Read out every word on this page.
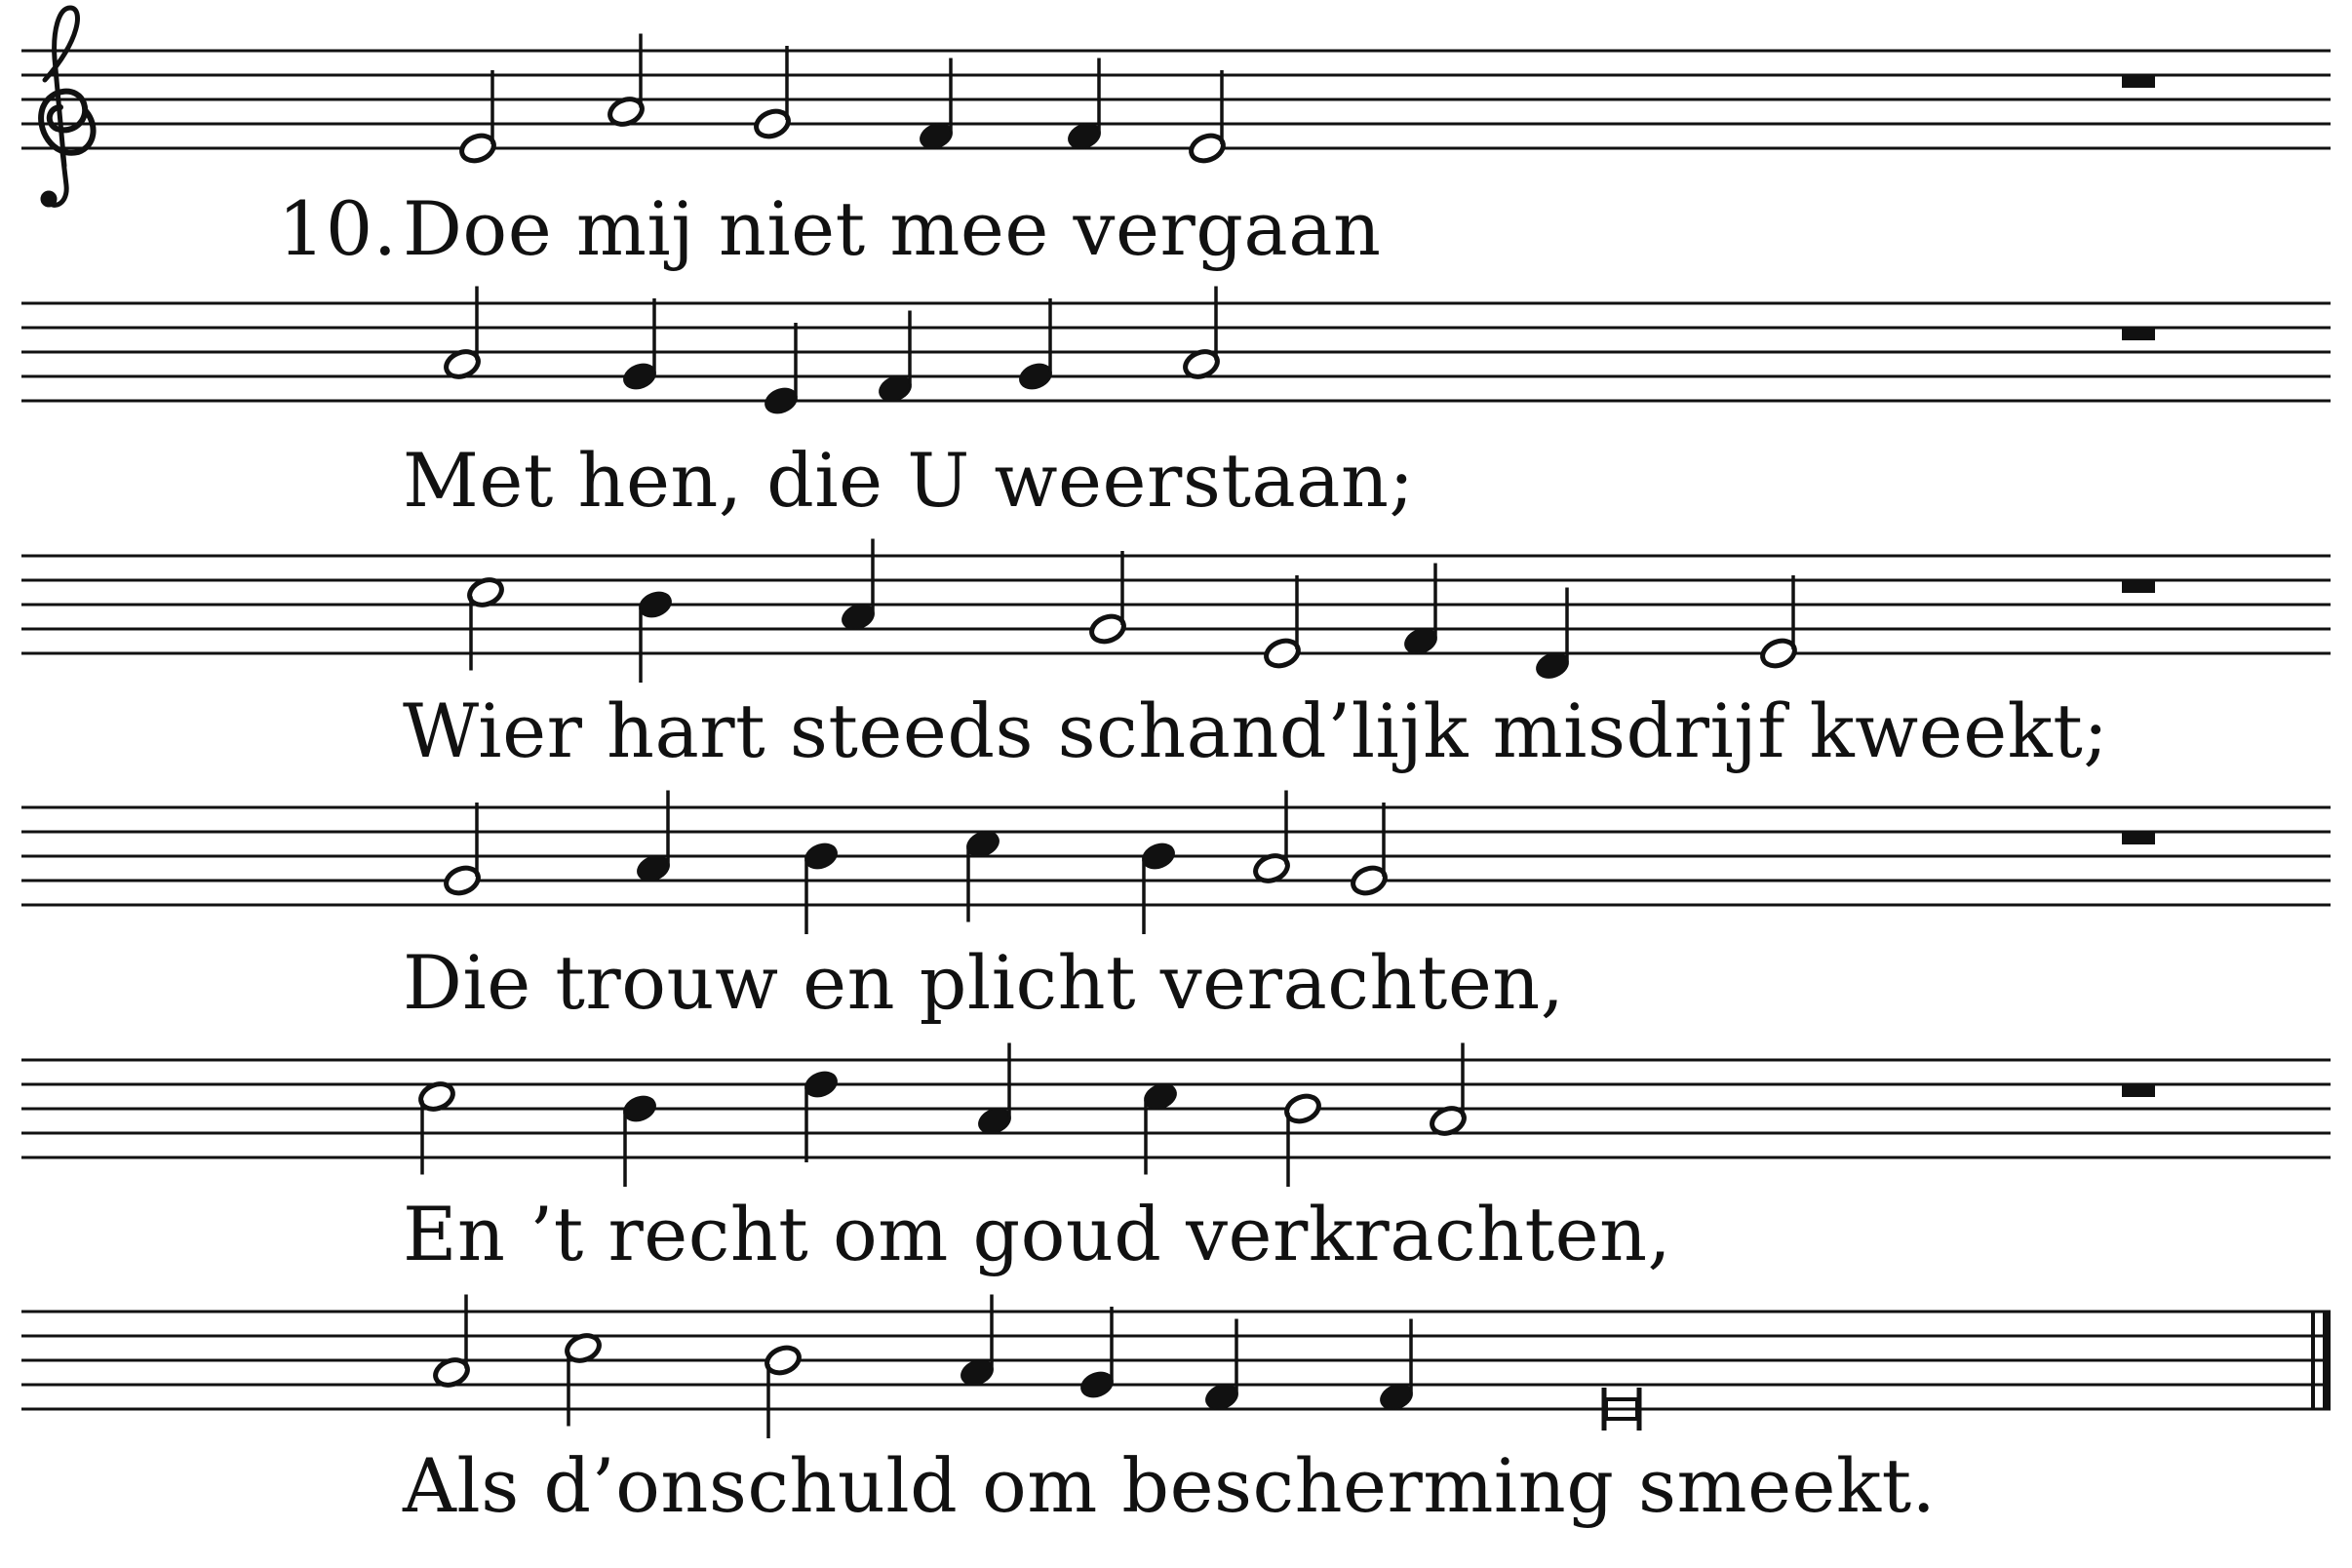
10. Doe mij niet mee vergaan
Met hen, die U weerstaan;
Wier hart steeds schand’lijk misdrijf kweekt;
Die trouw en plicht verachten,
En ’t recht om goud verkrachten,
Als d’onschuld om bescherming smeekt.
